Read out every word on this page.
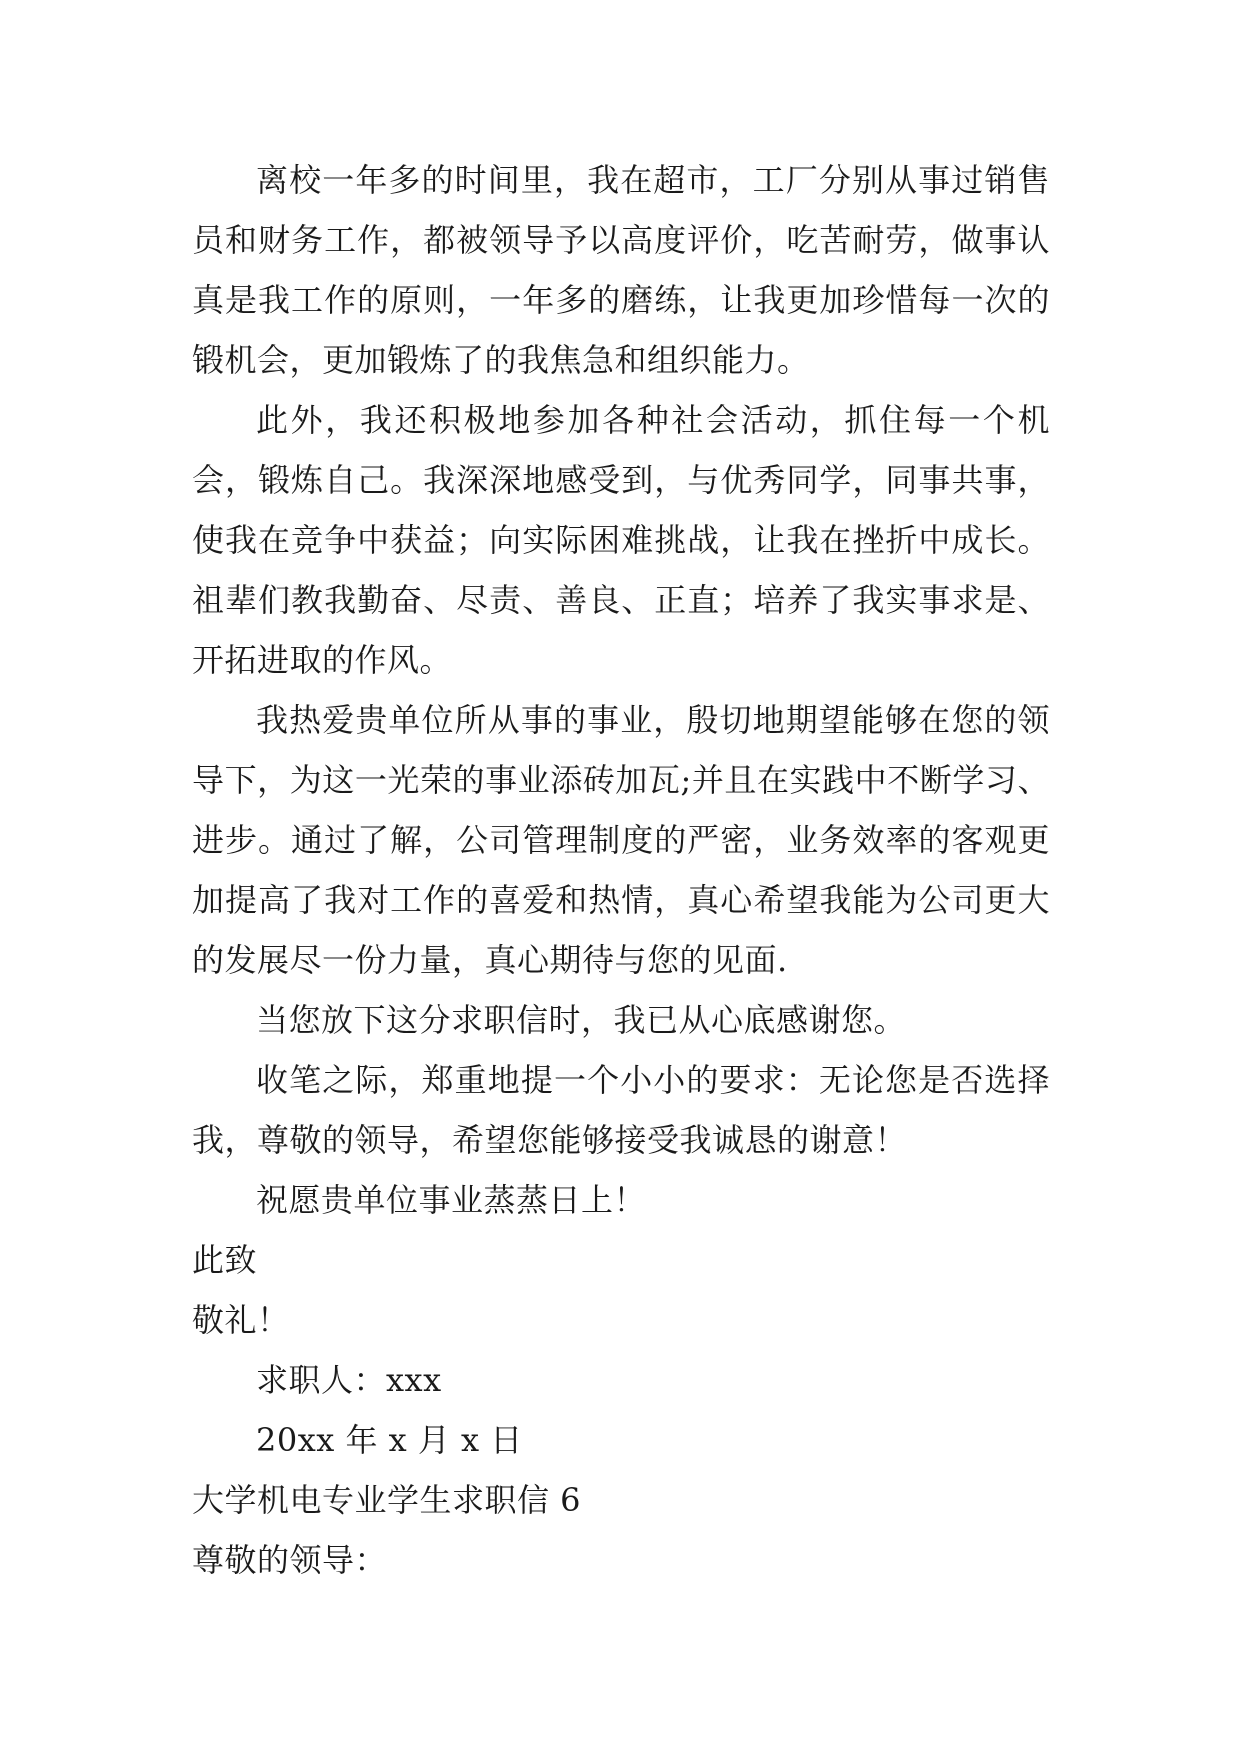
离校一年多的时间里，我在超市，工厂分别从事过销售员和财务工作，都被领导予以高度评价，吃苦耐劳，做事认真是我工作的原则，一年多的磨练，让我更加珍惜每一次的锻机会，更加锻炼了的我焦急和组织能力。

此外，我还积极地参加各种社会活动，抓住每一个机会，锻炼自己。我深深地感受到，与优秀同学，同事共事，使我在竞争中获益；向实际困难挑战，让我在挫折中成长。祖辈们教我勤奋、尽责、善良、正直；培养了我实事求是、开拓进取的作风。

我热爱贵单位所从事的事业，殷切地期望能够在您的领导下，为这一光荣的事业添砖加瓦;并且在实践中不断学习、进步。通过了解，公司管理制度的严密，业务效率的客观更加提高了我对工作的喜爱和热情，真心希望我能为公司更大的发展尽一份力量，真心期待与您的见面.

当您放下这分求职信时，我已从心底感谢您。

收笔之际，郑重地提一个小小的要求：无论您是否选择我，尊敬的领导，希望您能够接受我诚恳的谢意！

祝愿贵单位事业蒸蒸日上！

此致

敬礼！

求职人：xxx

20xx 年 x 月 x 日

大学机电专业学生求职信 6

尊敬的领导：
